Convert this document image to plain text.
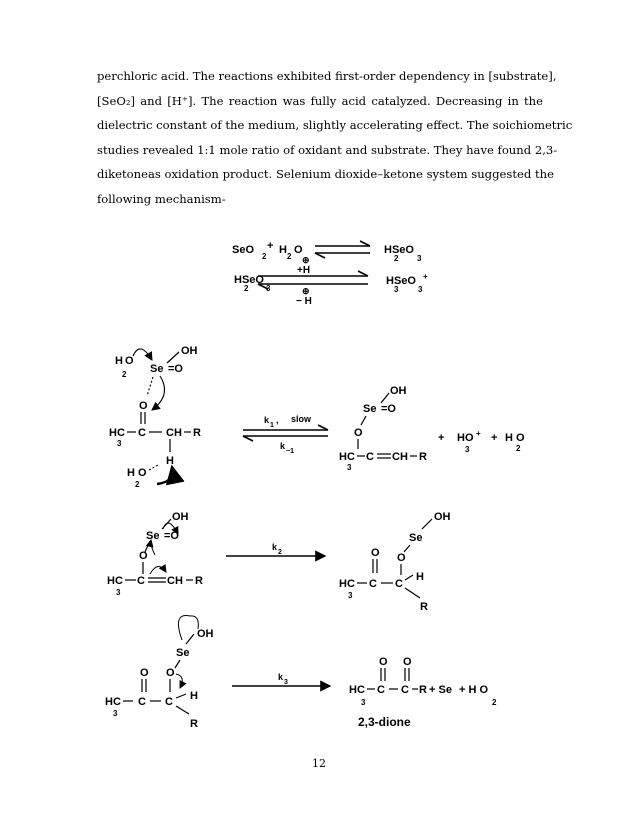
perchloric acid. The reactions exhibited first-order dependency in [substrate],
[SeO₂] and [H⁺]. The reaction was fully acid catalyzed. Decreasing in the
dielectric constant of the medium, slightly accelerating effect. The soichiometric
studies revealed 1:1 mole ratio of oxidant and substrate. They have found 2,3-
diketoneas oxidation product. Selenium dioxide–ketone system suggested the
following mechanism-
SeO
2
+ H
2
O	HSeO
2 3
⊕
+H
HSeO
2 3	⊕
− H
HSeO +
3 3
OH
H O
2 Se =O
O
HC
3
C CH R
H
H O
2
k
1
, slow
k
−1
OH
Se =O
O
HC
3
C CH R
+ HO +
3
+ H O
2
OH
Se =O
O
HC
3
C CH R
k
2
OH
Se
O O
HC
3
C C
H
R
OH
Se
O O
HC
3
C C H
R
k
3
O O
HC
3
C C R + Se + H O
2
2,3-dione
12
